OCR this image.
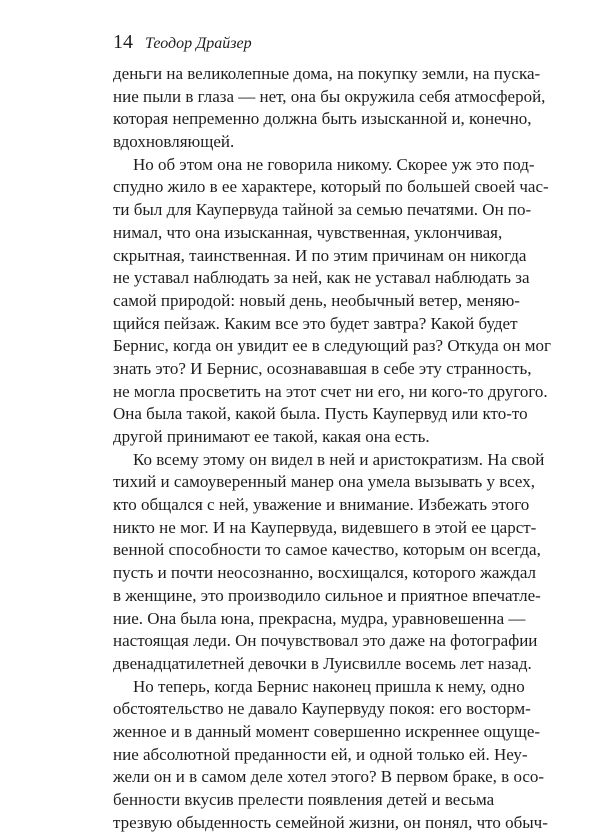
14 Теодор Драйзер
деньги на великолепные дома, на покупку земли, на пуска-
ние пыли в глаза — нет, она бы окружила себя атмосферой,
которая непременно должна быть изысканной и, конечно,
вдохновляющей.
Но об этом она не говорила никому. Скорее уж это под-
спудно жило в ее характере, который по большей своей час-
ти был для Каупервуда тайной за семью печатями. Он по-
нимал, что она изысканная, чувственная, уклончивая,
скрытная, таинственная. И по этим причинам он никогда
не уставал наблюдать за ней, как не уставал наблюдать за
самой природой: новый день, необычный ветер, меняю-
щийся пейзаж. Каким все это будет завтра? Какой будет
Бернис, когда он увидит ее в следующий раз? Откуда он мог
знать это? И Бернис, осознававшая в себе эту странность,
не могла просветить на этот счет ни его, ни кого-то другого.
Она была такой, какой была. Пусть Каупервуд или кто-то
другой принимают ее такой, какая она есть.
Ко всему этому он видел в ней и аристократизм. На свой
тихий и самоуверенный манер она умела вызывать у всех,
кто общался с ней, уважение и внимание. Избежать этого
никто не мог. И на Каупервуда, видевшего в этой ее царст-
венной способности то самое качество, которым он всегда,
пусть и почти неосознанно, восхищался, которого жаждал
в женщине, это производило сильное и приятное впечатле-
ние. Она была юна, прекрасна, мудра, уравновешенна —
настоящая леди. Он почувствовал это даже на фотографии
двенадцатилетней девочки в Луисвилле восемь лет назад.
Но теперь, когда Бернис наконец пришла к нему, одно
обстоятельство не давало Каупервуду покоя: его восторм-
женное и в данный момент совершенно искреннее ощуще-
ние абсолютной преданности ей, и одной только ей. Неу-
жели он и в самом деле хотел этого? В первом браке, в осо-
бенности вкусив прелести появления детей и весьма
трезвую обыденность семейной жизни, он понял, что обыч-
